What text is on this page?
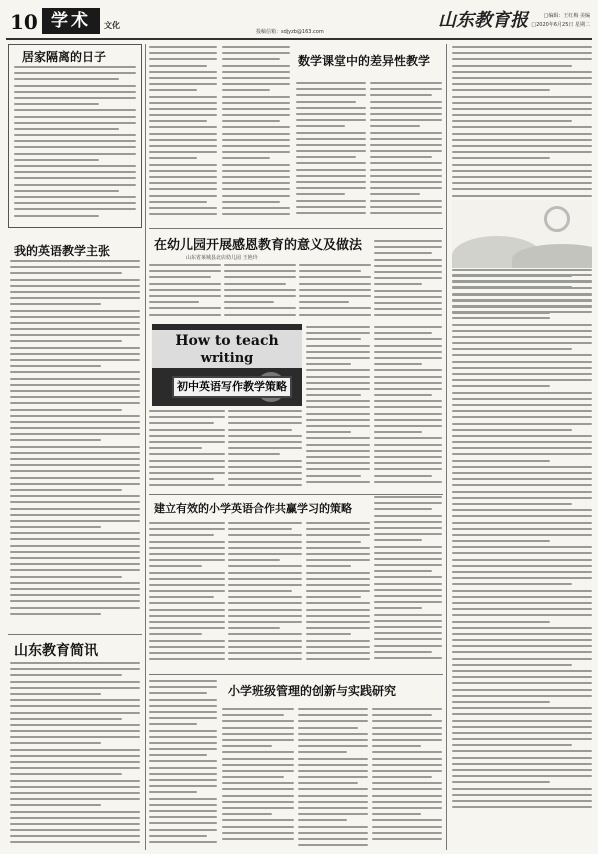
10 学术	文化
投稿信箱：sdjyzb@163.com
山东教育报	□编辑：王红梅 美编
□2020年6月25日 星期二
居家隔离的日子
我的英语教学主张
山东教育简讯
数学课堂中的差异性教学
在幼儿园开展感恩教育的意义及做法
山东省莱城县北店幼儿园 王艳玲
How to teach
writing
初中英语写作教学策略
建立有效的小学英语合作共赢学习的策略
小学班级管理的创新与实践研究
